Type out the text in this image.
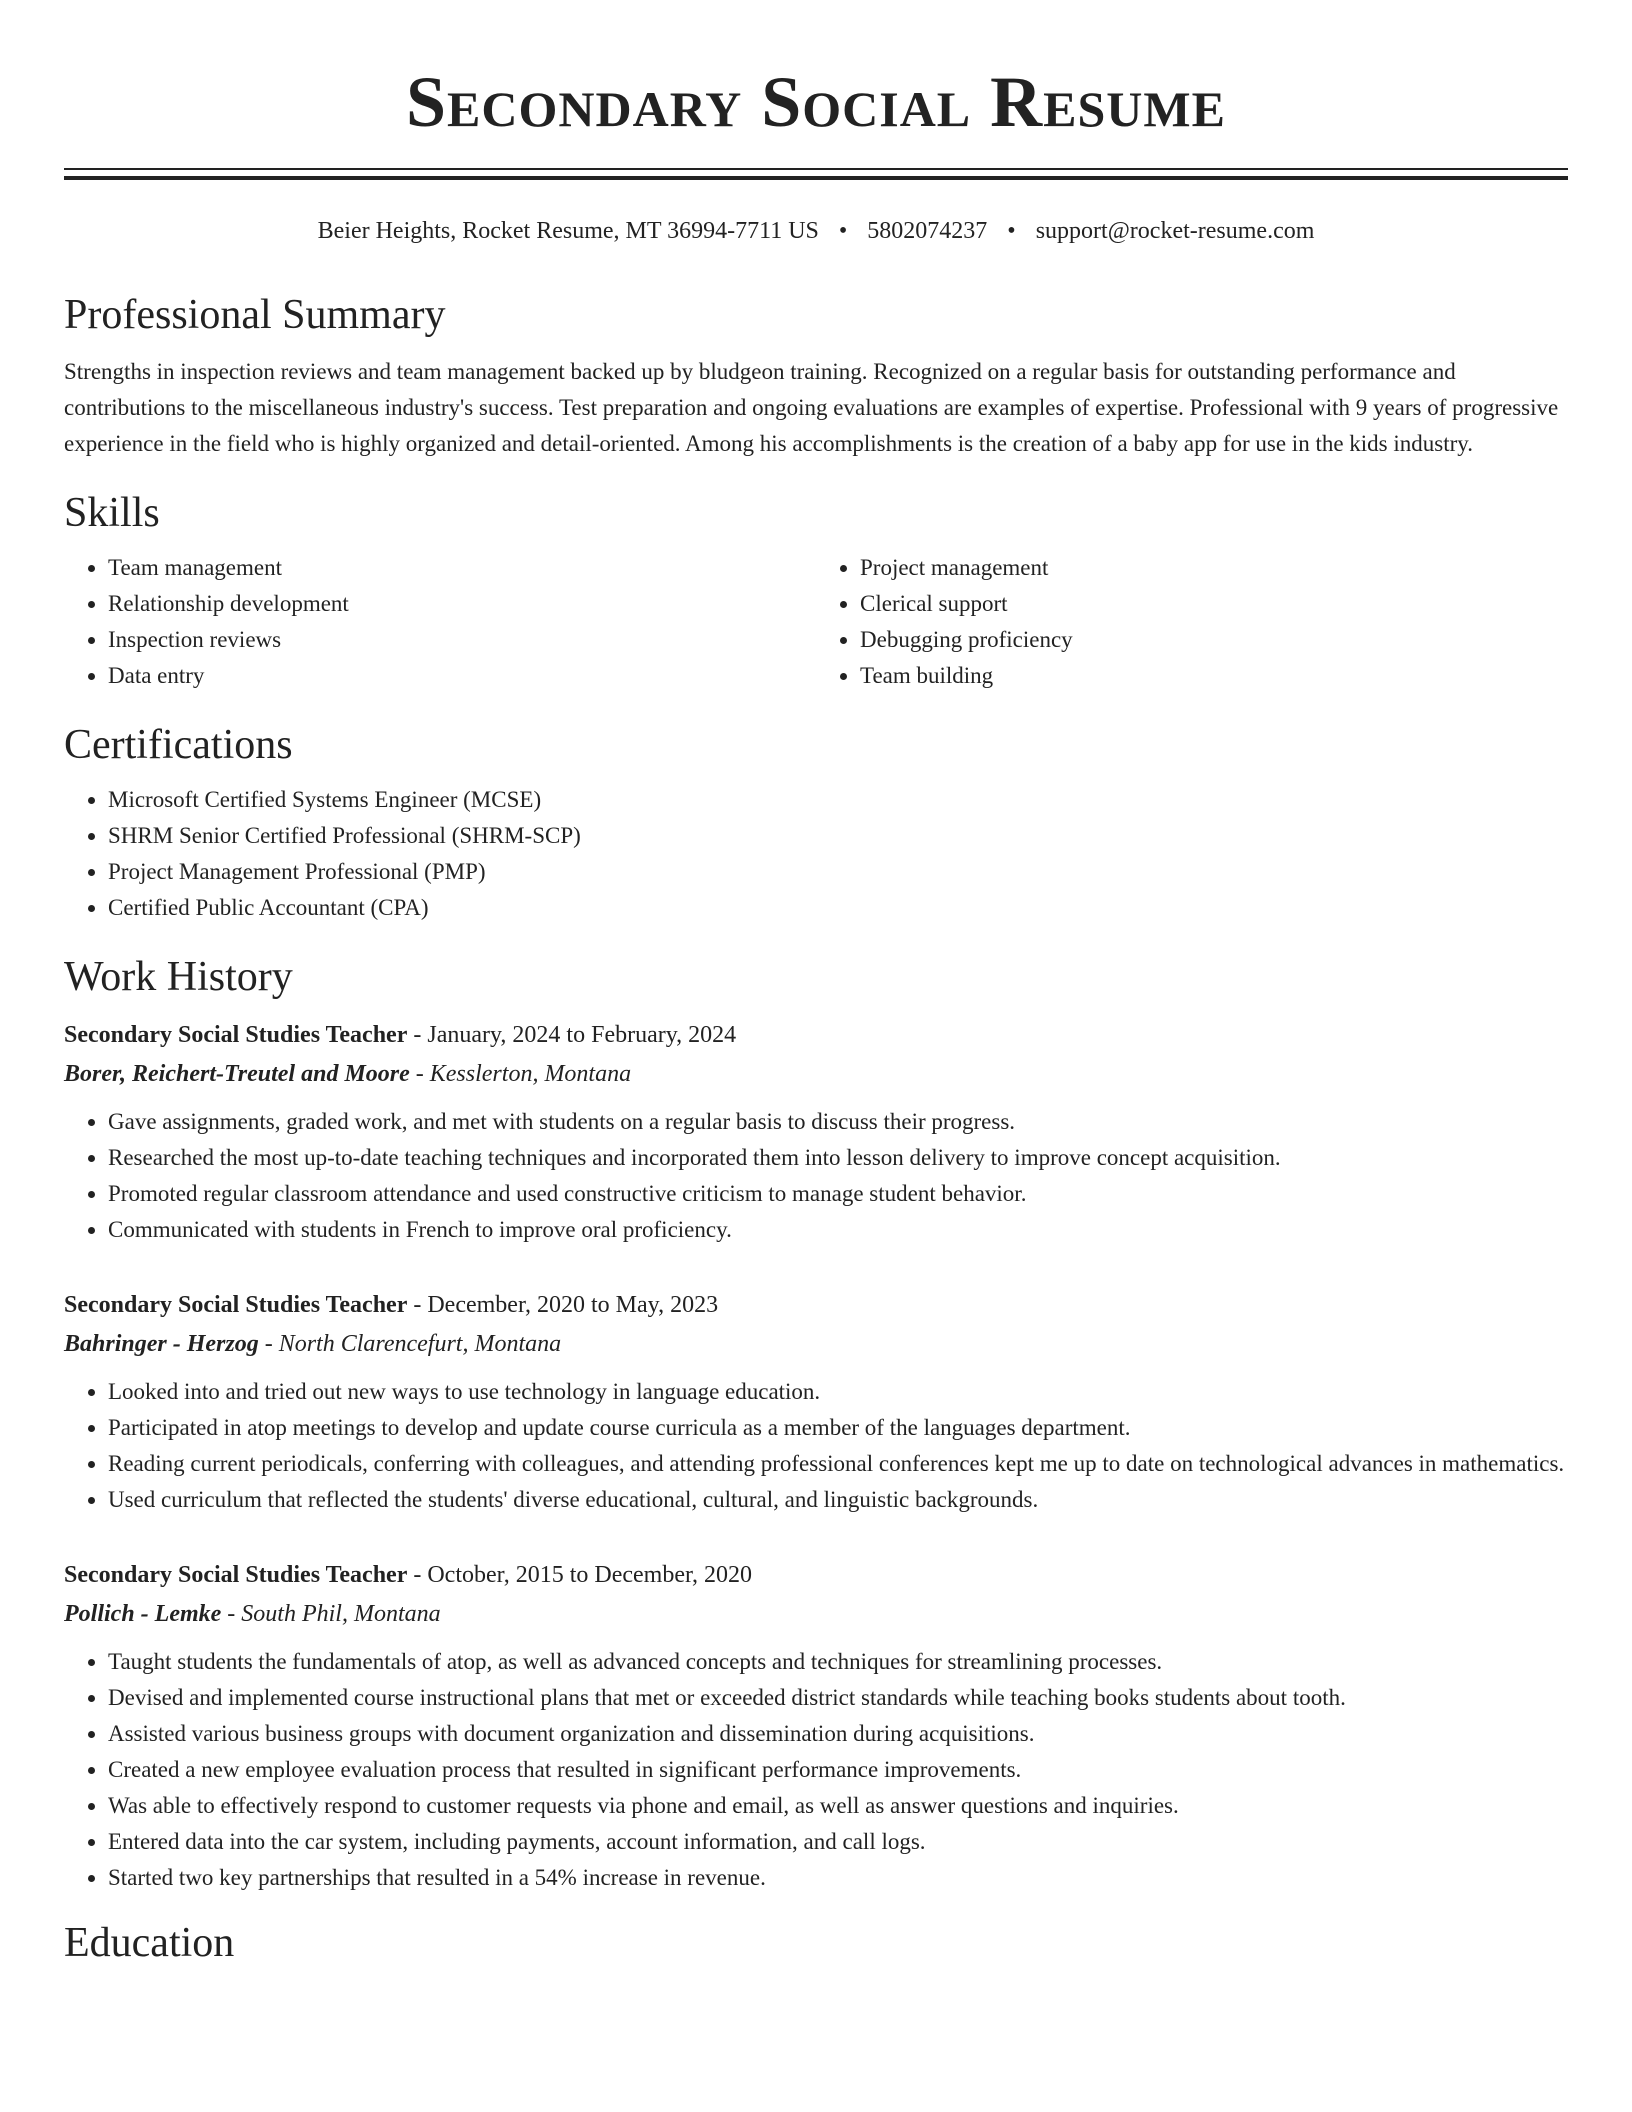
Secondary Social Resume
Beier Heights, Rocket Resume, MT 36994-7711 US • 5802074237 • support@rocket-resume.com
Professional Summary

Strengths in inspection reviews and team management backed up by bludgeon training. Recognized on a regular basis for outstanding performance and contributions to the miscellaneous industry's success. Test preparation and ongoing evaluations are examples of expertise. Professional with 9 years of progressive experience in the field who is highly organized and detail-oriented. Among his accomplishments is the creation of a baby app for use in the kids industry.

Skills
• Team management
• Relationship development
• Inspection reviews
• Data entry
• Project management
• Clerical support
• Debugging proficiency
• Team building
Certifications
• Microsoft Certified Systems Engineer (MCSE)
• SHRM Senior Certified Professional (SHRM-SCP)
• Project Management Professional (PMP)
• Certified Public Accountant (CPA)
Work History
Secondary Social Studies Teacher - January, 2024 to February, 2024
Borer, Reichert-Treutel and Moore - Kesslerton, Montana
• Gave assignments, graded work, and met with students on a regular basis to discuss their progress.
• Researched the most up-to-date teaching techniques and incorporated them into lesson delivery to improve concept acquisition.
• Promoted regular classroom attendance and used constructive criticism to manage student behavior.
• Communicated with students in French to improve oral proficiency.
Secondary Social Studies Teacher - December, 2020 to May, 2023
Bahringer - Herzog - North Clarencefurt, Montana
• Looked into and tried out new ways to use technology in language education.
• Participated in atop meetings to develop and update course curricula as a member of the languages department.
• Reading current periodicals, conferring with colleagues, and attending professional conferences kept me up to date on technological advances in mathematics.
• Used curriculum that reflected the students' diverse educational, cultural, and linguistic backgrounds.
Secondary Social Studies Teacher - October, 2015 to December, 2020
Pollich - Lemke - South Phil, Montana
• Taught students the fundamentals of atop, as well as advanced concepts and techniques for streamlining processes.
• Devised and implemented course instructional plans that met or exceeded district standards while teaching books students about tooth.
• Assisted various business groups with document organization and dissemination during acquisitions.
• Created a new employee evaluation process that resulted in significant performance improvements.
• Was able to effectively respond to customer requests via phone and email, as well as answer questions and inquiries.
• Entered data into the car system, including payments, account information, and call logs.
• Started two key partnerships that resulted in a 54% increase in revenue.
Education
